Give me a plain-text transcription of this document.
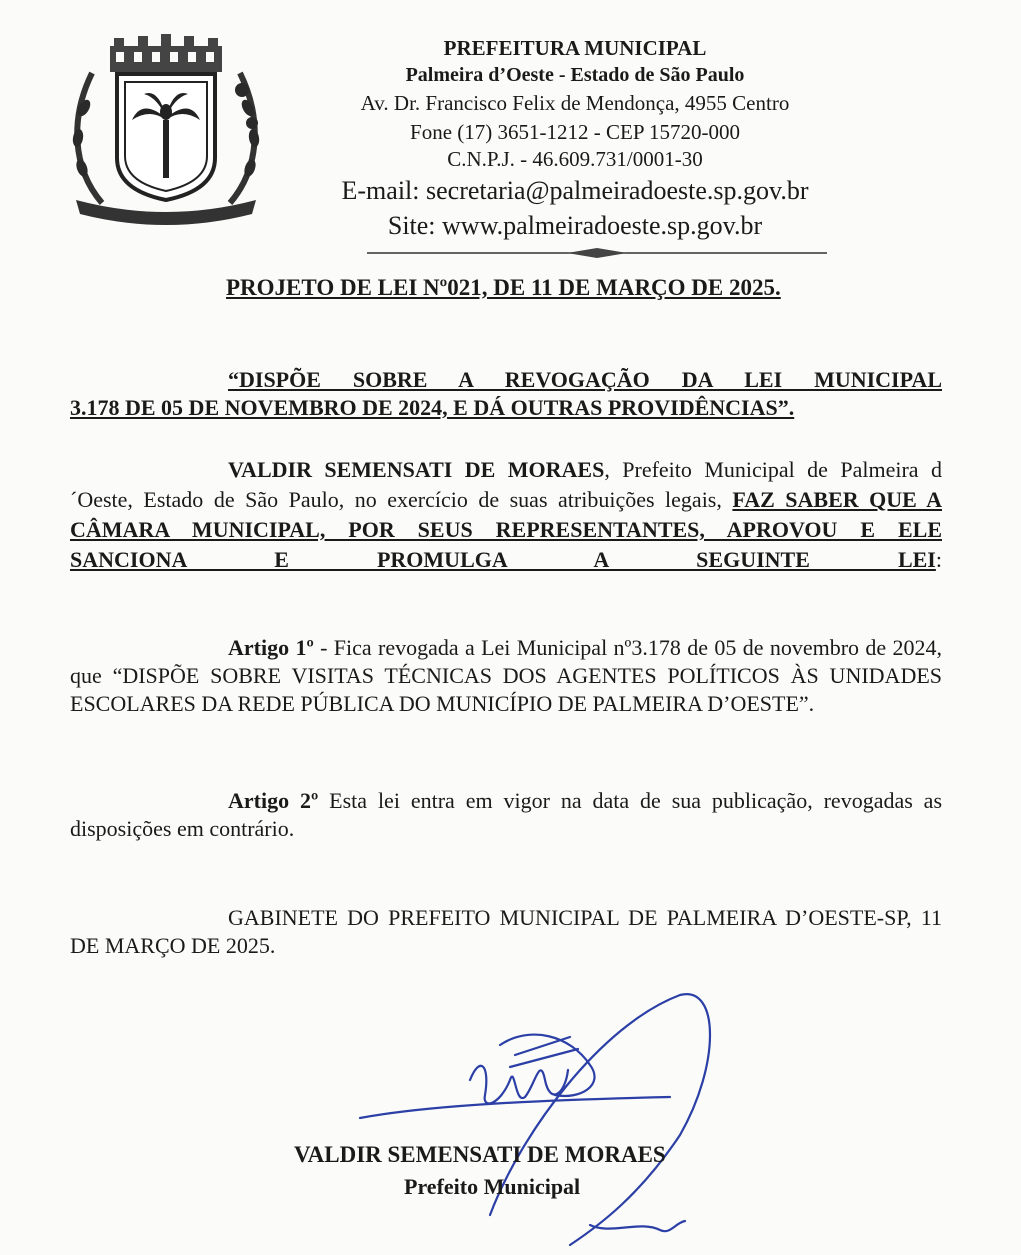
PREFEITURA MUNICIPAL
Palmeira d’Oeste - Estado de São Paulo
Av. Dr. Francisco Felix de Mendonça, 4955 Centro
Fone (17) 3651-1212 - CEP 15720-000
C.N.P.J. - 46.609.731/0001-30
E-mail: secretaria@palmeiradoeste.sp.gov.br
Site: www.palmeiradoeste.sp.gov.br
PROJETO DE LEI Nº021, DE 11 DE MARÇO DE 2025.
“DISPÕE SOBRE A REVOGAÇÃO DA LEI MUNICIPAL
3.178 DE 05 DE NOVEMBRO DE 2024, E DÁ OUTRAS PROVIDÊNCIAS”.
VALDIR SEMENSATI DE MORAES, Prefeito Municipal de Palmeira d´Oeste, Estado de São Paulo, no exercício de suas atribuições legais, FAZ SABER QUE A CÂMARA MUNICIPAL, POR SEUS REPRESENTANTES, APROVOU E ELE SANCIONA E PROMULGA A SEGUINTE LEI:
Artigo 1º - Fica revogada a Lei Municipal nº3.178 de 05 de novembro de 2024, que “DISPÕE SOBRE VISITAS TÉCNICAS DOS AGENTES POLÍTICOS ÀS UNIDADES ESCOLARES DA REDE PÚBLICA DO MUNICÍPIO DE PALMEIRA D’OESTE”.
Artigo 2º Esta lei entra em vigor na data de sua publicação, revogadas as disposições em contrário.
GABINETE DO PREFEITO MUNICIPAL DE PALMEIRA D’OESTE-SP, 11 DE MARÇO DE 2025.
VALDIR SEMENSATI DE MORAES
Prefeito Municipal
